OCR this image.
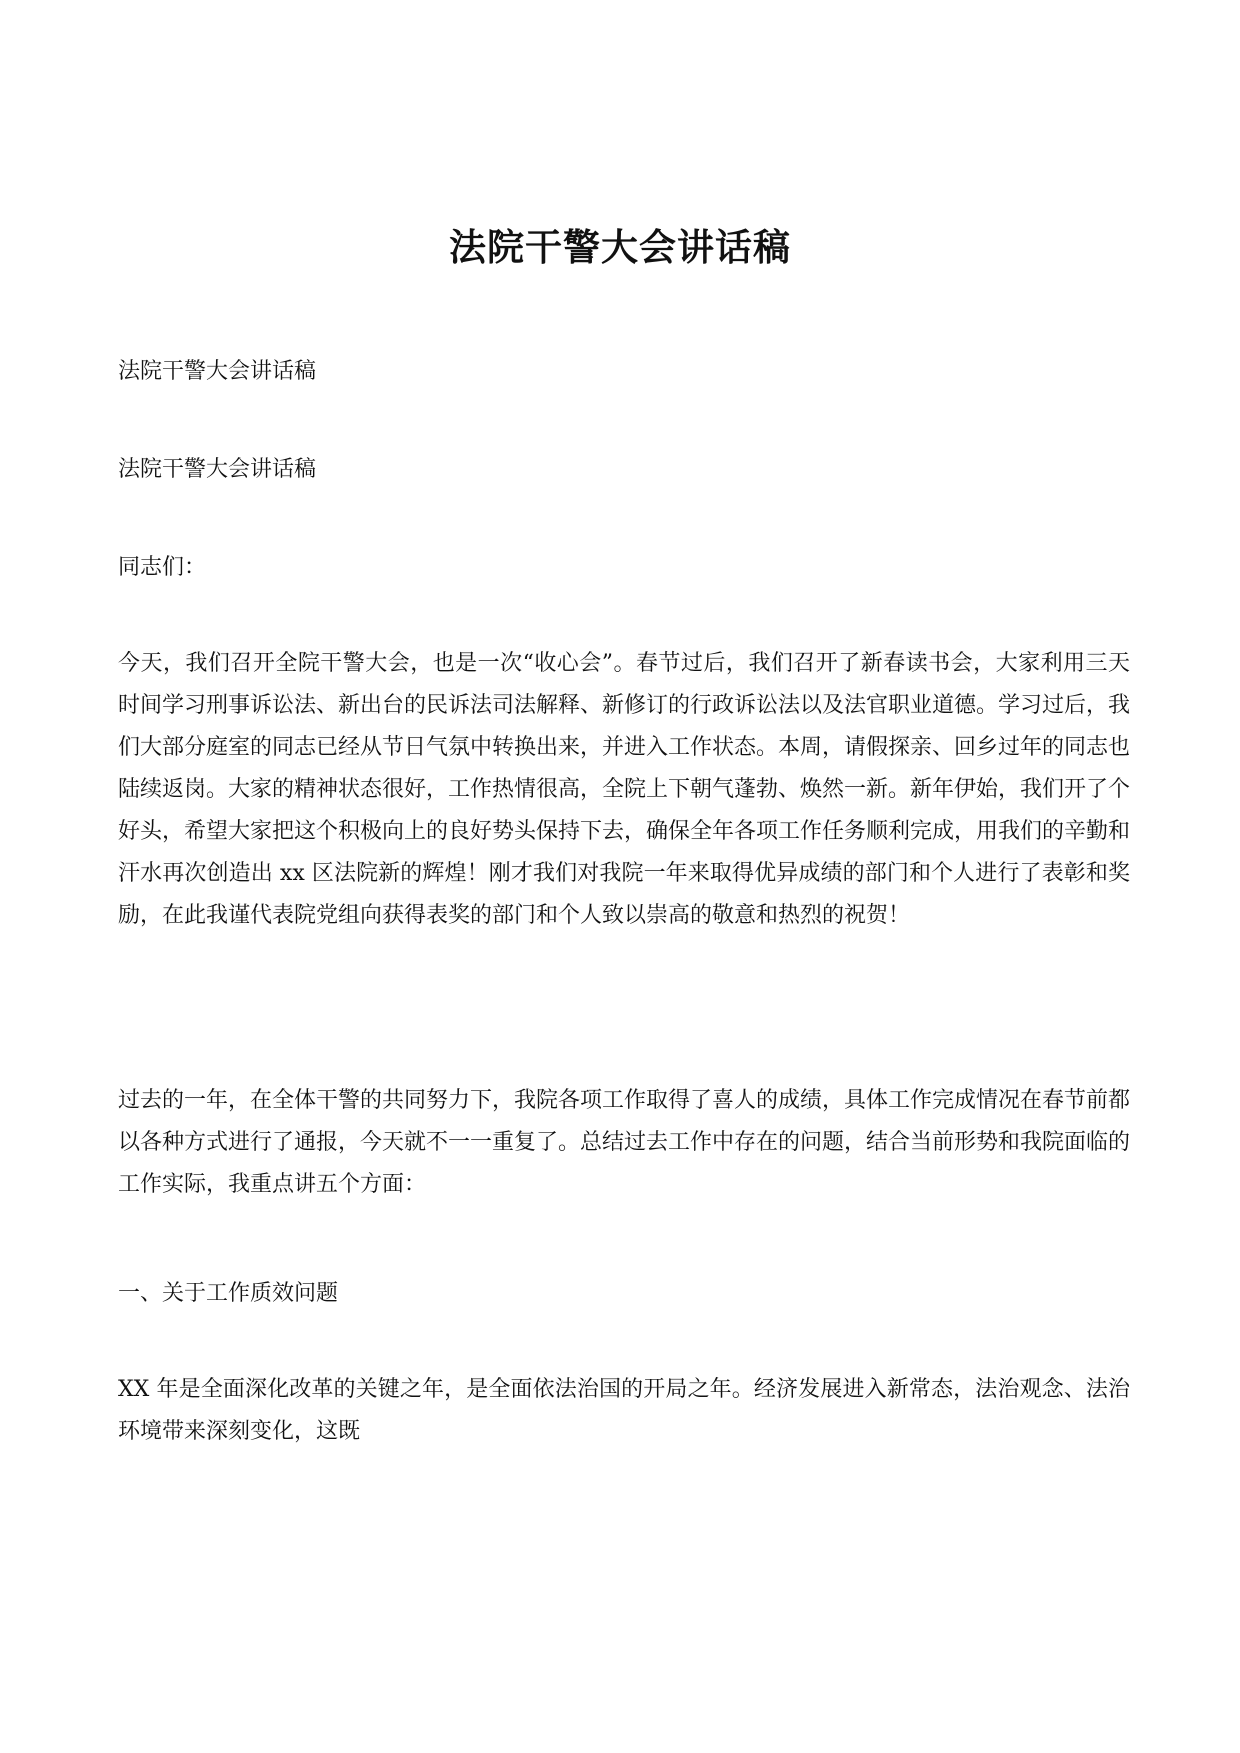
法院干警大会讲话稿

法院干警大会讲话稿

法院干警大会讲话稿

同志们：

今天，我们召开全院干警大会，也是一次“收心会”。春节过后，我们召开了新春读书会，大家利用三天时间学习刑事诉讼法、新出台的民诉法司法解释、新修订的行政诉讼法以及法官职业道德。学习过后，我们大部分庭室的同志已经从节日气氛中转换出来，并进入工作状态。本周，请假探亲、回乡过年的同志也陆续返岗。大家的精神状态很好，工作热情很高，全院上下朝气蓬勃、焕然一新。新年伊始，我们开了个好头，希望大家把这个积极向上的良好势头保持下去，确保全年各项工作任务顺利完成，用我们的辛勤和汗水再次创造出 xx 区法院新的辉煌！刚才我们对我院一年来取得优异成绩的部门和个人进行了表彰和奖励，在此我谨代表院党组向获得表奖的部门和个人致以崇高的敬意和热烈的祝贺！

过去的一年，在全体干警的共同努力下，我院各项工作取得了喜人的成绩，具体工作完成情况在春节前都以各种方式进行了通报，今天就不一一重复了。总结过去工作中存在的问题，结合当前形势和我院面临的工作实际，我重点讲五个方面：

一、关于工作质效问题

XX 年是全面深化改革的关键之年，是全面依法治国的开局之年。经济发展进入新常态，法治观念、法治环境带来深刻变化，这既
